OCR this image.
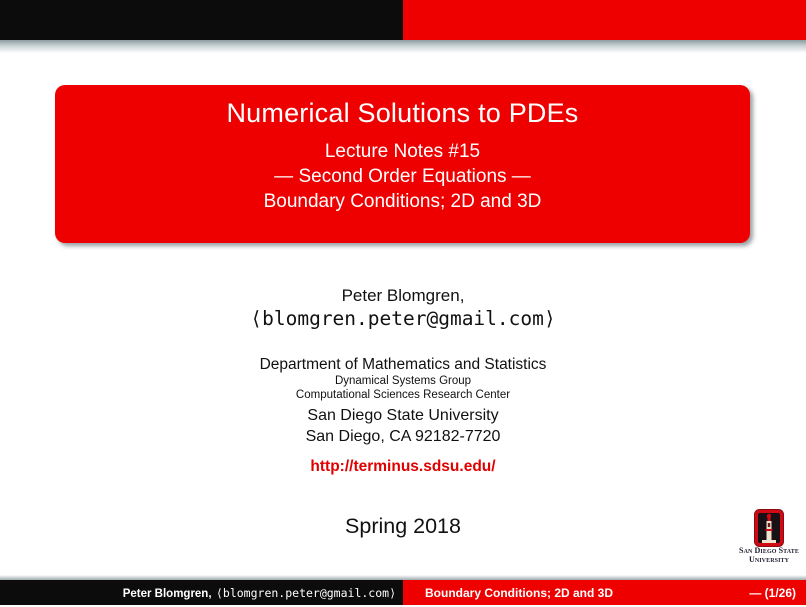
Numerical Solutions to PDEs
Lecture Notes #15
— Second Order Equations —
Boundary Conditions; 2D and 3D
Peter Blomgren,
⟨blomgren.peter@gmail.com⟩
Department of Mathematics and Statistics
Dynamical Systems Group
Computational Sciences Research Center
San Diego State University
San Diego, CA 92182-7720
http://terminus.sdsu.edu/
Spring 2018
San Diego State
University
Peter Blomgren, ⟨blomgren.peter@gmail.com⟩	Boundary Conditions; 2D and 3D	— (1/26)
